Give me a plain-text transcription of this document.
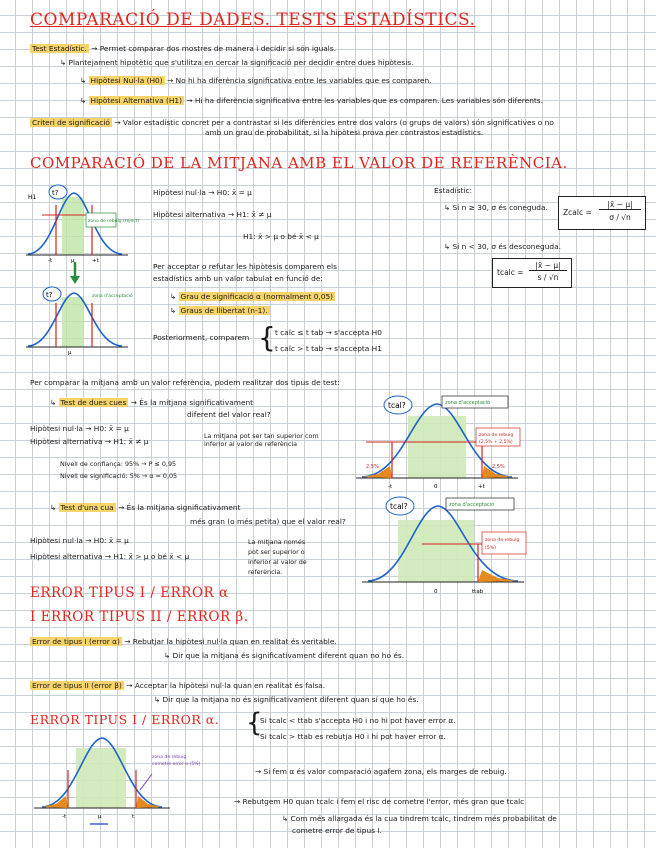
COMPARACIÓ DE DADES. TESTS ESTADÍSTICS.
Test Estadístic. → Permet comparar dos mostres de manera i decidir si són iguals.
↳ Plantejament hipotètic que s'utilitza en cercar la significació per decidir entre dues hipòtesis.
↳ Hipòtesi Nul·la (H0) → No hi ha diferència significativa entre les variables que es comparen.
↳ Hipòtesi Alternativa (H1) → Hi ha diferència significativa entre les variables que es comparen. Les variables són diferents.
Criteri de significació → Valor estadístic concret per a contrastar si les diferències entre dos valors (o grups de valors) són significatives o no
amb un grau de probabilitat, si la hipòtesi prova per contrastos estadístics.
COMPARACIÓ DE LA MITJANA AMB EL VALOR DE REFERÈNCIA.
t?
H1
zona de rebuig (reject)
-t	μ	+t
t?	zona d'acceptació
μ
Hipòtesi nul·la → H0: x̄ = μ
Hipòtesi alternativa → H1: x̄ ≠ μ
H1: x̄ > μ o bé x̄ < μ
Per acceptar o refutar les hipòtesis comparem els
estadístics amb un valor tabulat en funció de:
↳ Grau de significació α (normalment 0,05)
↳ Graus de llibertat (n-1).
Posteriorment, comparem { t calc ≤ t tab → s'accepta H0
t calc > t tab → s'accepta H1
Estadístic:
↳ Si n ≥ 30, σ és coneguda.
Zcalc =
|x̄ − μ|
σ / √n
↳ Si n < 30, σ és desconeguda.
tcalc =
|x̄ − μ|
s / √n
Per comparar la mitjana amb un valor referència, podem realitzar dos tipus de test:
↳ Test de dues cues → És la mitjana significativament
diferent del valor real?
Hipòtesi nul·la → H0: x̄ = μ
Hipòtesi alternativa → H1: x̄ ≠ μ
La mitjana pot ser tan superior com
inferior al valor de referència
Nivell de confiança: 95% → P ≤ 0,95
Nivell de significació: 5% → α = 0,05
↳ Test d'una cua → És la mitjana significativament
més gran (o més petita) que el valor real?
Hipòtesi nul·la → H0: x̄ = μ
Hipòtesi alternativa → H1: x̄ > μ o bé x̄ < μ
La mitjana només
pot ser superior o
inferior al valor de
referència.
tcal?	zona d'acceptació
zona de rebuig
(2,5% + 2,5%)
2,5%	2,5%
-t	0	+t
tcal?	zona d'acceptació
zona de rebuig
(5%)
0	ttab
ERROR TIPUS I / ERROR α
I ERROR TIPUS II / ERROR β.
Error de tipus I (error α) → Rebutjar la hipòtesi nul·la quan en realitat és veritable.
↳ Dir que la mitjana és significativament diferent quan no ho és.
Error de tipus II (error β) → Acceptar la hipòtesi nul·la quan en realitat és falsa.
↳ Dir que la mitjana no és significativament diferent quan sí que ho és.
ERROR TIPUS I / ERROR α. {
Si tcalc < ttab s'accepta H0 i no hi pot haver error α.
Si tcalc > ttab es rebutja H0 i hi pot haver error α.
→ Si fem α és valor comparació agafem zona, els marges de rebuig.
→ Rebutgem H0 quan tcalc i fem el risc de cometre l'error, més gran que tcalc
↳ Com més allargada és la cua tindrem tcalc, tindrem més probabilitat de
cometre error de tipus I.
zona de rebuig
cometre error α (5%)
-t	μ	t
